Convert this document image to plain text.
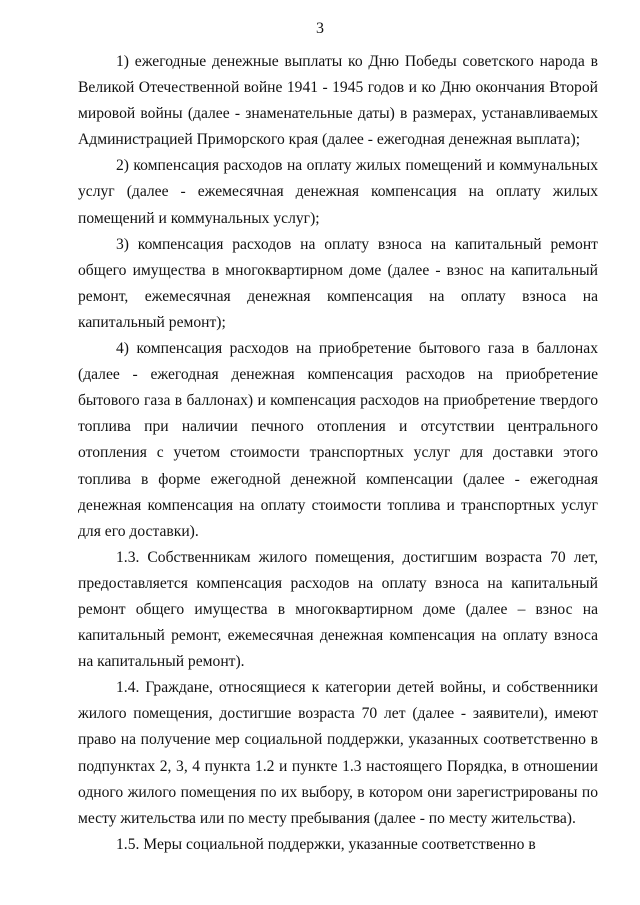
3

1) ежегодные денежные выплаты ко Дню Победы советского народа в Великой Отечественной войне 1941 - 1945 годов и ко Дню окончания Второй мировой войны (далее - знаменательные даты) в размерах, устанавливаемых Администрацией Приморского края (далее - ежегодная денежная выплата);

2) компенсация расходов на оплату жилых помещений и коммунальных услуг (далее - ежемесячная денежная компенсация на оплату жилых помещений и коммунальных услуг);

3) компенсация расходов на оплату взноса на капитальный ремонт общего имущества в многоквартирном доме (далее - взнос на капитальный ремонт, ежемесячная денежная компенсация на оплату взноса на капитальный ремонт);

4) компенсация расходов на приобретение бытового газа в баллонах (далее - ежегодная денежная компенсация расходов на приобретение бытового газа в баллонах) и компенсация расходов на приобретение твердого топлива при наличии печного отопления и отсутствии центрального отопления с учетом стоимости транспортных услуг для доставки этого топлива в форме ежегодной денежной компенсации (далее - ежегодная денежная компенсация на оплату стоимости топлива и транспортных услуг для его доставки).

1.3. Собственникам жилого помещения, достигшим возраста 70 лет, предоставляется компенсация расходов на оплату взноса на капитальный ремонт общего имущества в многоквартирном доме (далее – взнос на капитальный ремонт, ежемесячная денежная компенсация на оплату взноса на капитальный ремонт).

1.4. Граждане, относящиеся к категории детей войны, и собственники жилого помещения, достигшие возраста 70 лет (далее - заявители), имеют право на получение мер социальной поддержки, указанных соответственно в подпунктах 2, 3, 4 пункта 1.2 и пункте 1.3 настоящего Порядка, в отношении одного жилого помещения по их выбору, в котором они зарегистрированы по месту жительства или по месту пребывания (далее - по месту жительства).

1.5. Меры социальной поддержки, указанные соответственно в
